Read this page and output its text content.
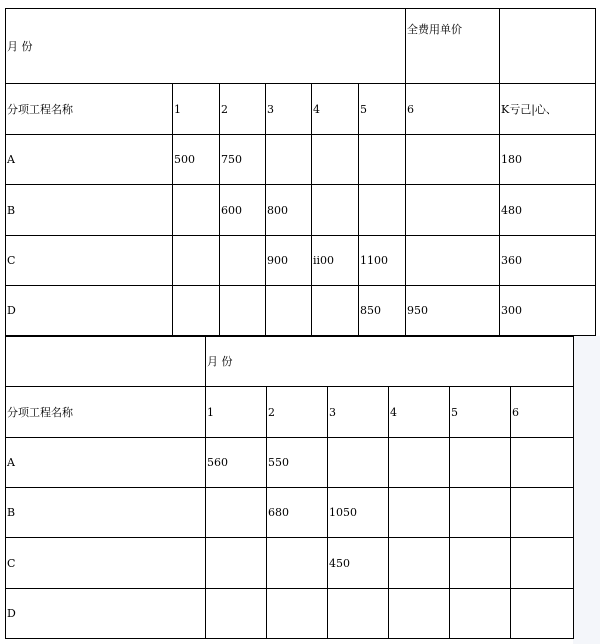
月 份						全费用单价	
分项工程名称	1	2	3	4	5	6	K亏己|心、
A	500	750					180
B		600	800				480
C			900	ii00	1100		360
D					850	950	300
	月 份					
分项工程名称	1	2	3	4	5	6
A	560	550				
B		680	1050			
C			450			
D						
